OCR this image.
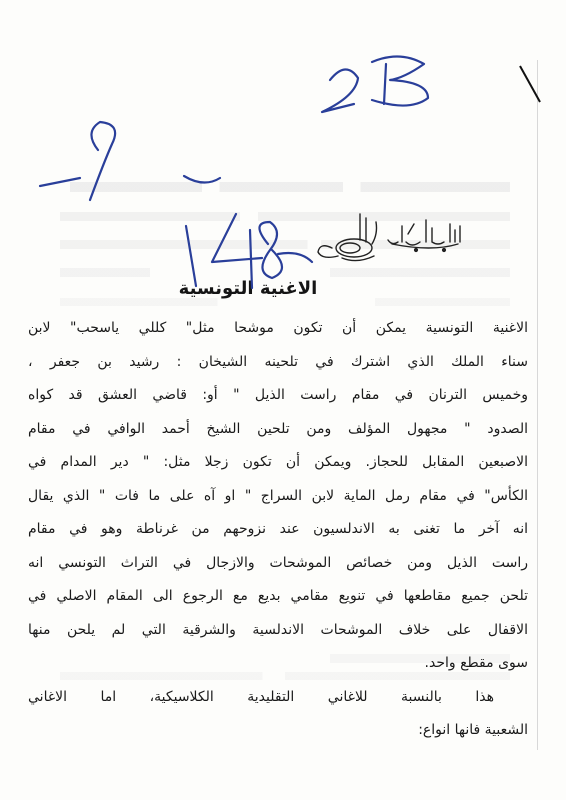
الاغنية التونسية
الاغنية التونسية يمكن أن تكون موشحا مثل" كللي ياسحب" لابن
سناء الملك الذي اشترك في تلحينه الشيخان : رشيد بن جعفر ،
وخميس الترنان في مقام راست الذيل " أو: قاضي العشق قد كواه
الصدود " مجهول المؤلف ومن تلحين الشيخ أحمد الوافي في مقام
الاصبعين المقابل للحجاز. ويمكن أن تكون زجلا مثل: " دير المدام في
الكأس" في مقام رمل الماية لابن السراج " او آه على ما فات " الذي يقال
انه آخر ما تغنى به الاندلسيون عند نزوحهم من غرناطة وهو في مقام
راست الذيل ومن خصائص الموشحات والازجال في التراث التونسي انه
تلحن جميع مقاطعها في تنويع مقامي بديع مع الرجوع الى المقام الاصلي في
الاقفال على خلاف الموشحات الاندلسية والشرقية التي لم يلحن منها
سوى مقطع واحد.
هذا بالنسبة للاغاني التقليدية الكلاسيكية، اما الاغاني
الشعبية فانها انواع:
